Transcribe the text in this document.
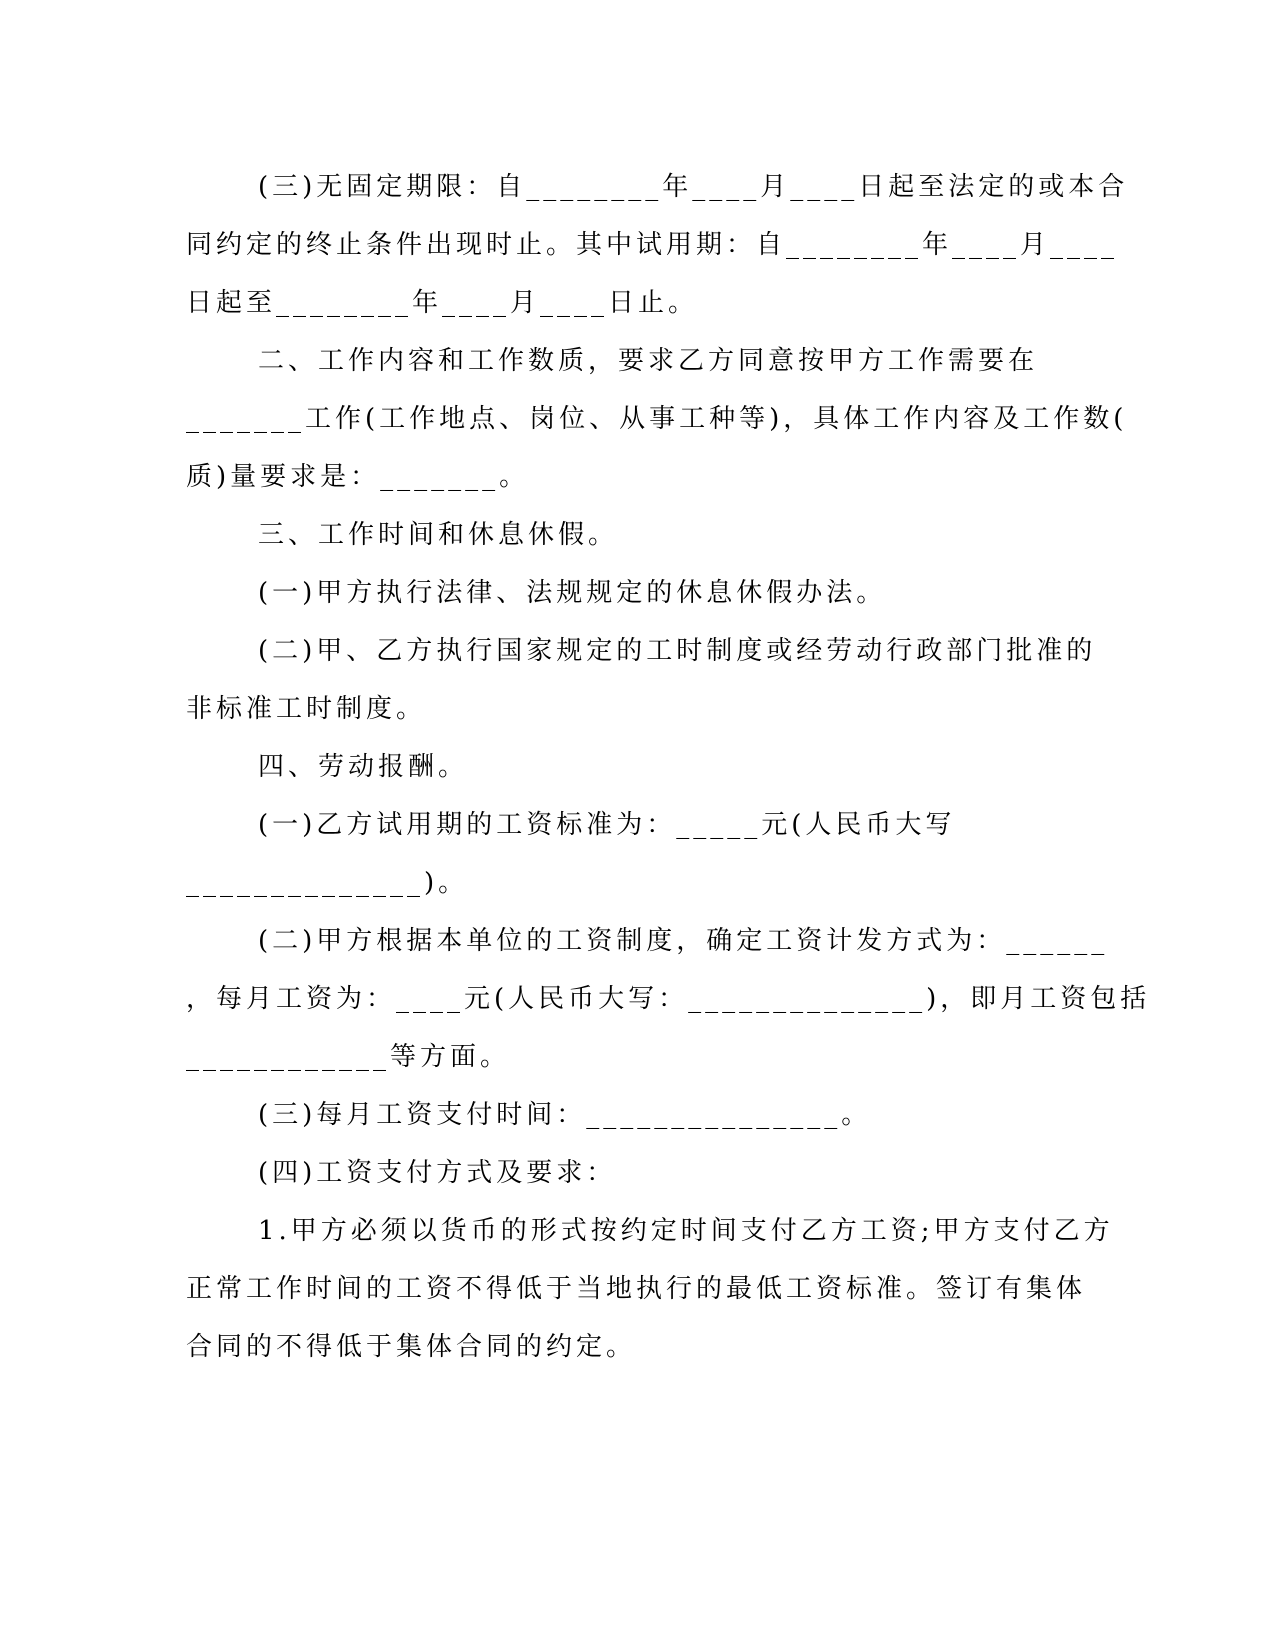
(三)无固定期限：自________年____月____日起至法定的或本合
同约定的终止条件出现时止。其中试用期：自________年____月____
日起至________年____月____日止。
二、工作内容和工作数质，要求乙方同意按甲方工作需要在
_______工作(工作地点、岗位、从事工种等)，具体工作内容及工作数(
质)量要求是：_______。
三、工作时间和休息休假。
(一)甲方执行法律、法规规定的休息休假办法。
(二)甲、乙方执行国家规定的工时制度或经劳动行政部门批准的
非标准工时制度。
四、劳动报酬。
(一)乙方试用期的工资标准为：_____元(人民币大写
______________)。
(二)甲方根据本单位的工资制度，确定工资计发方式为：______
，每月工资为：____元(人民币大写：______________)，即月工资包括
____________等方面。
(三)每月工资支付时间：_______________。
(四)工资支付方式及要求：
1.甲方必须以货币的形式按约定时间支付乙方工资;甲方支付乙方
正常工作时间的工资不得低于当地执行的最低工资标准。签订有集体
合同的不得低于集体合同的约定。
